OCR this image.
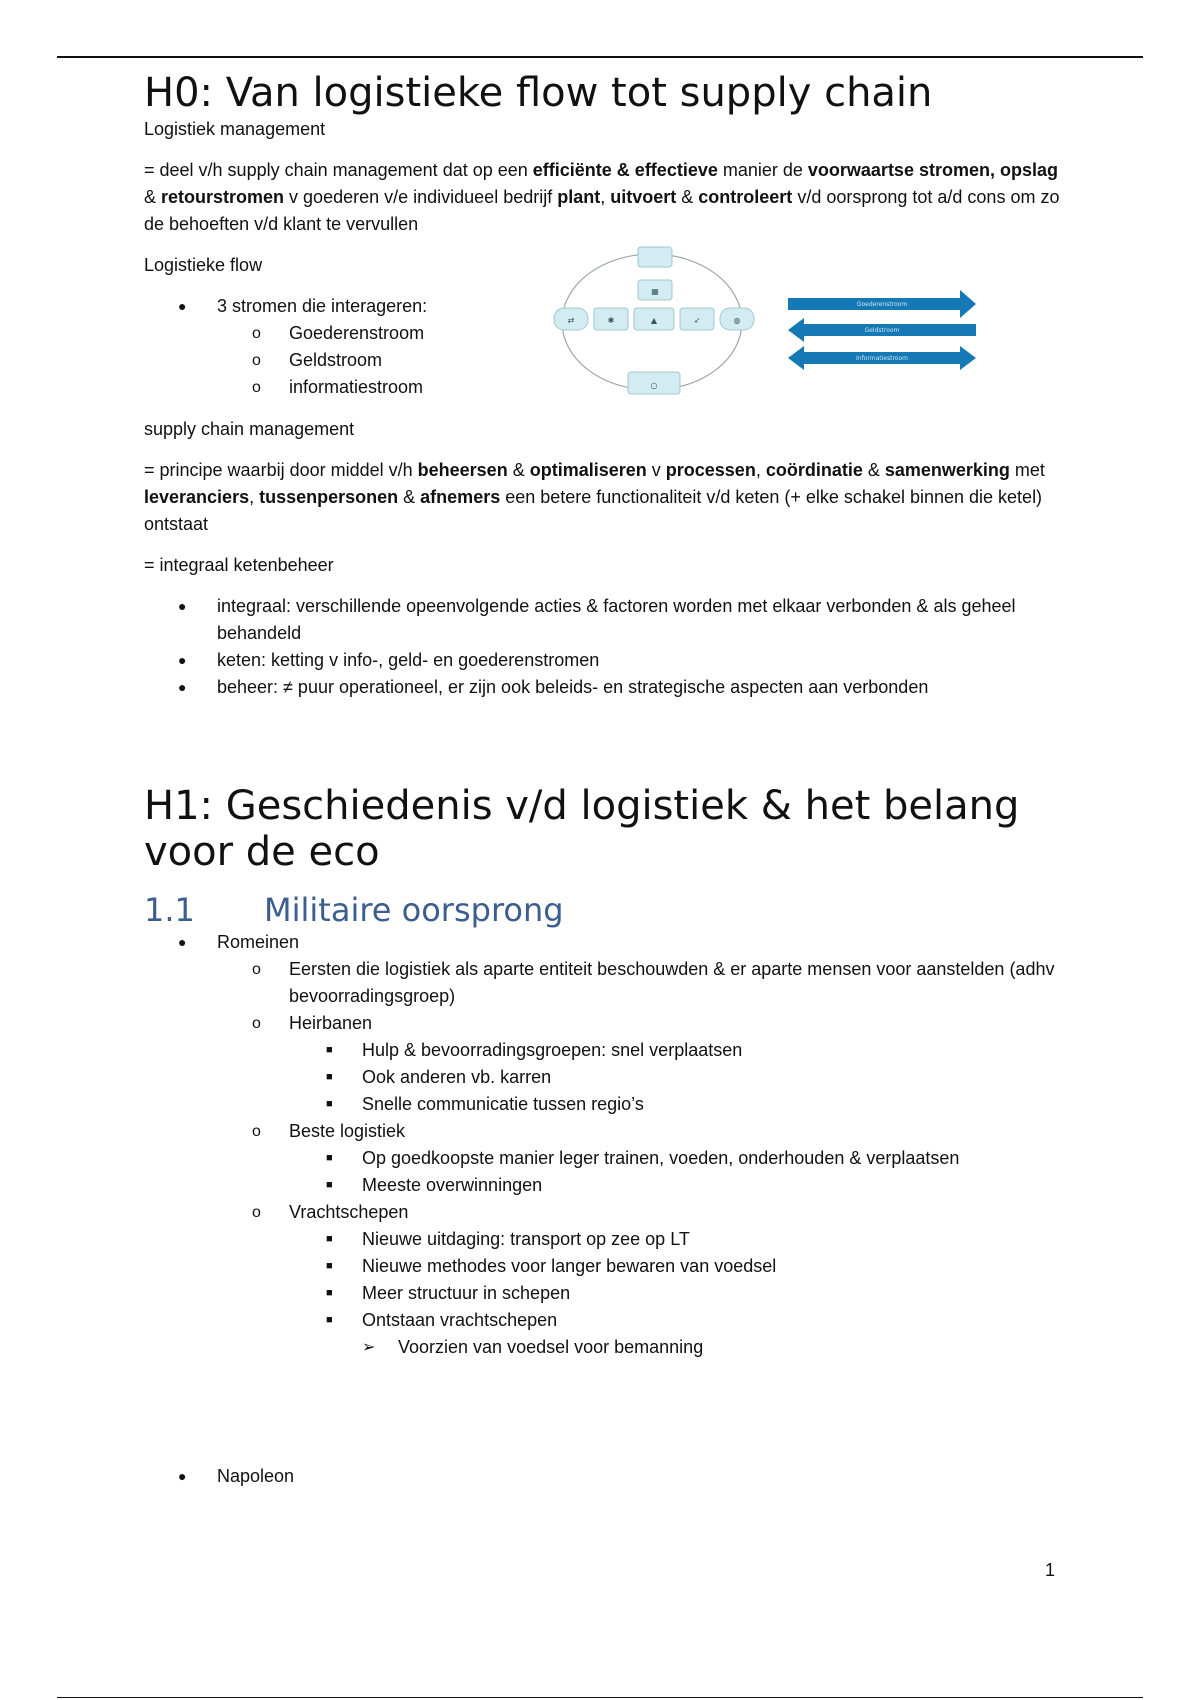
H0: Van logistieke flow tot supply chain

Logistiek management

= deel v/h supply chain management dat op een efficiënte & effectieve manier de voorwaartse stromen, opslag & retourstromen v goederen v/e individueel bedrijf plant, uitvoert & controleert v/d oorsprong tot a/d cons om zo de behoeften v/d klant te vervullen

Logistieke flow

● 3 stromen die interageren:
o Goederenstroom
o Geldstroom
o informatiestroom
▦
⇄	✱	▲	➶	◍
○
Goederenstroom
Geldstroom
Informatiestroom

supply chain management

= principe waarbij door middel v/h beheersen & optimaliseren v processen, coördinatie & samenwerking met leveranciers, tussenpersonen & afnemers een betere functionaliteit v/d keten (+ elke schakel binnen die ketel) ontstaat

= integraal ketenbeheer

● integraal: verschillende opeenvolgende acties & factoren worden met elkaar verbonden & als geheel behandeld
● keten: ketting v info-, geld- en goederenstromen
● beheer: ≠ puur operationeel, er zijn ook beleids- en strategische aspecten aan verbonden
H1: Geschiedenis v/d logistiek & het belang voor de eco
1.1 Militaire oorsprong
● Romeinen
o Eersten die logistiek als aparte entiteit beschouwden & er aparte mensen voor aanstelden (adhv bevoorradingsgroep)
o Heirbanen
■ Hulp & bevoorradingsgroepen: snel verplaatsen
■ Ook anderen vb. karren
■ Snelle communicatie tussen regio’s
o Beste logistiek
■ Op goedkoopste manier leger trainen, voeden, onderhouden & verplaatsen
■ Meeste overwinningen
o Vrachtschepen
■ Nieuwe uitdaging: transport op zee op LT
■ Nieuwe methodes voor langer bewaren van voedsel
■ Meer structuur in schepen
■ Ontstaan vrachtschepen
➢ Voorzien van voedsel voor bemanning
● Napoleon
1
